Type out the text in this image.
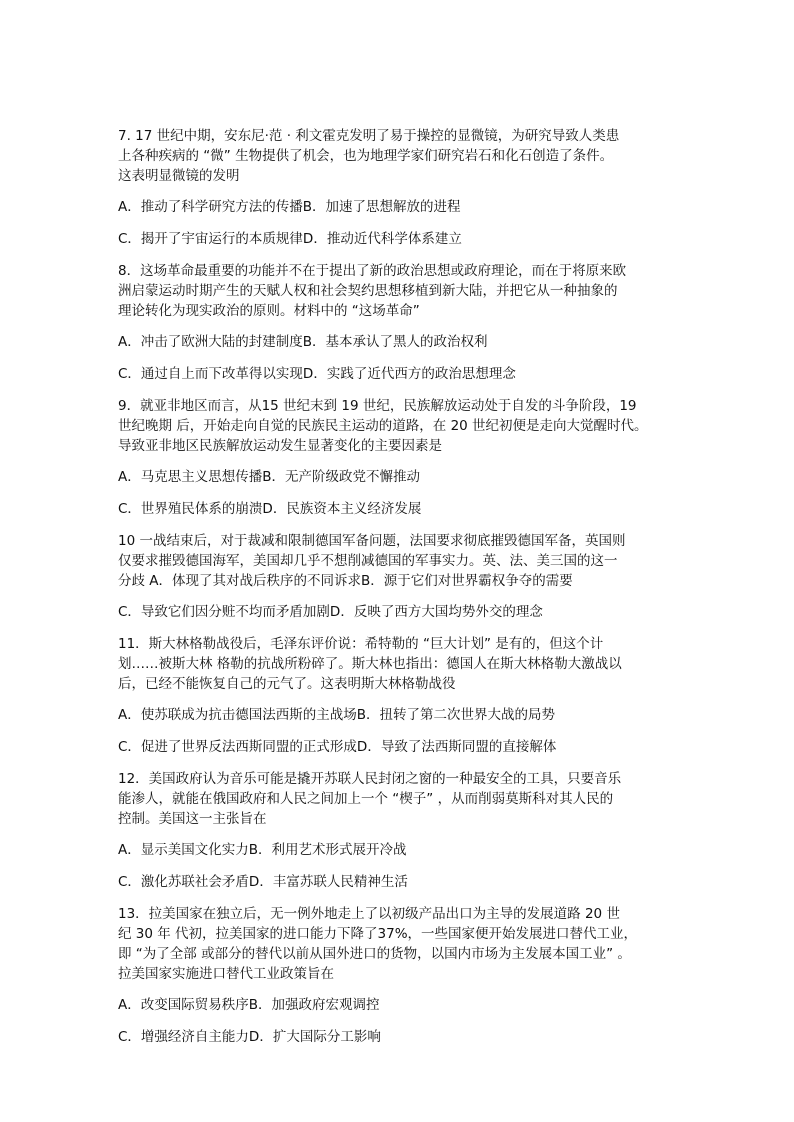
7. 17 世纪中期，安东尼·范 · 利文霍克发明了易于操控的显微镜，为研究导致人类患
上各种疾病的 “微” 生物提供了机会，也为地理学家们研究岩石和化石创造了条件。
这表明显微镜的发明
A．推动了科学研究方法的传播B．加速了思想解放的进程
C．揭开了宇宙运行的本质规律D．推动近代科学体系建立
8．这场革命最重要的功能并不在于提出了新的政治思想或政府理论，而在于将原来欧
洲启蒙运动时期产生的天赋人权和社会契约思想移植到新大陆，并把它从一种抽象的
理论转化为现实政治的原则。材料中的 “这场革命”
A．冲击了欧洲大陆的封建制度B．基本承认了黑人的政治权利
C．通过自上而下改革得以实现D．实践了近代西方的政治思想理念
9．就亚非地区而言，从15 世纪末到 19 世纪，民族解放运动处于自发的斗争阶段，19
世纪晚期 后，开始走向自觉的民族民主运动的道路，在 20 世纪初便是走向大觉醒时代。
导致亚非地区民族解放运动发生显著变化的主要因素是
A．马克思主义思想传播B．无产阶级政党不懈推动
C．世界殖民体系的崩溃D．民族资本主义经济发展
10 一战结束后，对于裁减和限制德国军备问题，法国要求彻底摧毁德国军备，英国则
仅要求摧毁德国海军，美国却几乎不想削减德国的军事实力。英、法、美三国的这一
分歧 A．体现了其对战后秩序的不同诉求B．源于它们对世界霸权争夺的需要
C．导致它们因分赃不均而矛盾加剧D．反映了西方大国均势外交的理念
11．斯大林格勒战役后，毛泽东评价说：希特勒的 “巨大计划” 是有的，但这个计
划……被斯大林 格勒的抗战所粉碎了。斯大林也指出：德国人在斯大林格勒大激战以
后，已经不能恢复自己的元气了。这表明斯大林格勒战役
A．使苏联成为抗击德国法西斯的主战场B．扭转了第二次世界大战的局势
C．促进了世界反法西斯同盟的正式形成D．导致了法西斯同盟的直接解体
12．美国政府认为音乐可能是撬开苏联人民封闭之窗的一种最安全的工具，只要音乐
能渗人，就能在俄国政府和人民之间加上一个 “楔子” ，从而削弱莫斯科对其人民的
控制。美国这一主张旨在
A．显示美国文化实力B．利用艺术形式展开冷战
C．激化苏联社会矛盾D．丰富苏联人民精神生活
13．拉美国家在独立后，无一例外地走上了以初级产品出口为主导的发展道路 20 世
纪 30 年 代初，拉美国家的进口能力下降了37%，一些国家便开始发展进口替代工业，
即 “为了全部 或部分的替代以前从国外进口的货物，以国内市场为主发展本国工业” 。
拉美国家实施进口替代工业政策旨在
A．改变国际贸易秩序B．加强政府宏观调控
C．增强经济自主能力D．扩大国际分工影响
